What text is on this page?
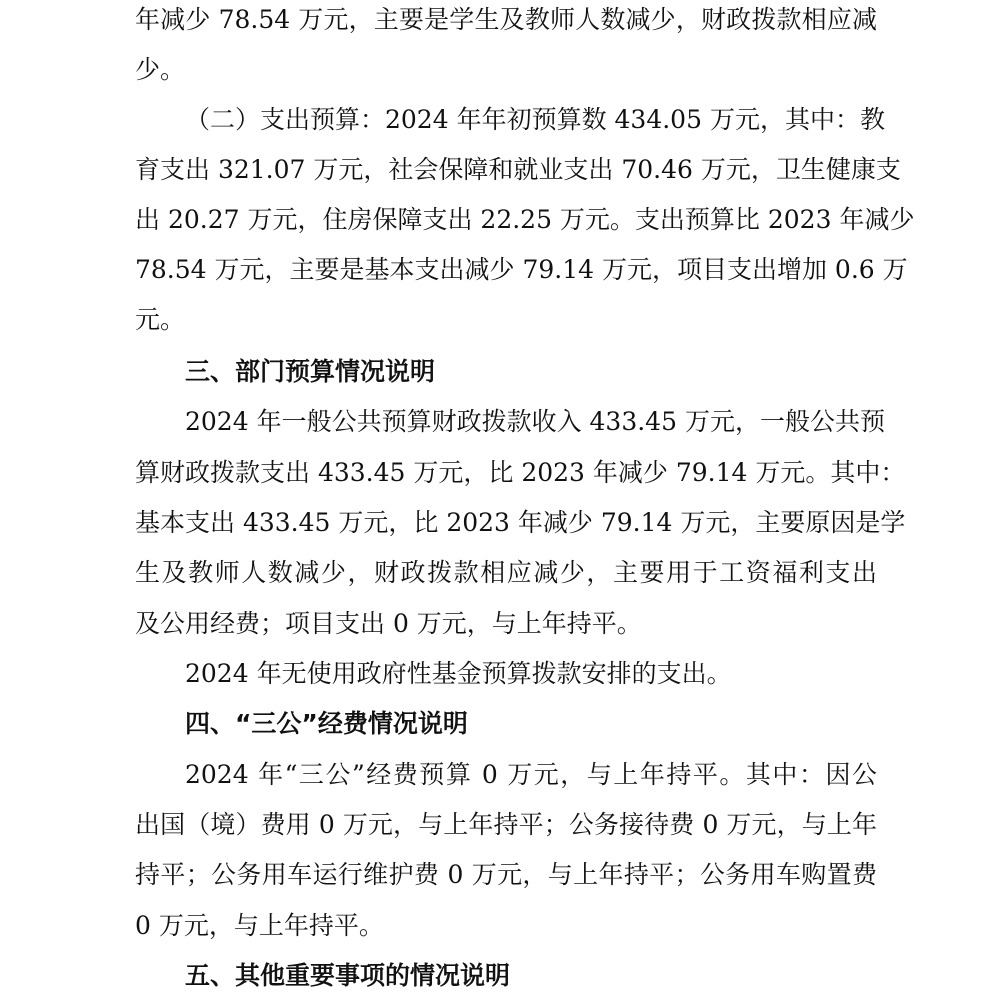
年减少 78.54 万元，主要是学生及教师人数减少，财政拨款相应减

少。

（二）支出预算：2024 年年初预算数 434.05 万元，其中：教

育支出 321.07 万元，社会保障和就业支出 70.46 万元，卫生健康支

出 20.27 万元，住房保障支出 22.25 万元。支出预算比 2023 年减少

78.54 万元，主要是基本支出减少 79.14 万元，项目支出增加 0.6 万

元。

三、部门预算情况说明

2024 年一般公共预算财政拨款收入 433.45 万元，一般公共预

算财政拨款支出 433.45 万元，比 2023 年减少 79.14 万元。其中：

基本支出 433.45 万元，比 2023 年减少 79.14 万元，主要原因是学

生及教师人数减少，财政拨款相应减少，主要用于工资福利支出

及公用经费；项目支出 0 万元，与上年持平。

2024 年无使用政府性基金预算拨款安排的支出。

四、“三公”经费情况说明

2024 年“三公”经费预算 0 万元，与上年持平。其中：因公

出国（境）费用 0 万元，与上年持平；公务接待费 0 万元，与上年

持平；公务用车运行维护费 0 万元，与上年持平；公务用车购置费

0 万元，与上年持平。

五、其他重要事项的情况说明
